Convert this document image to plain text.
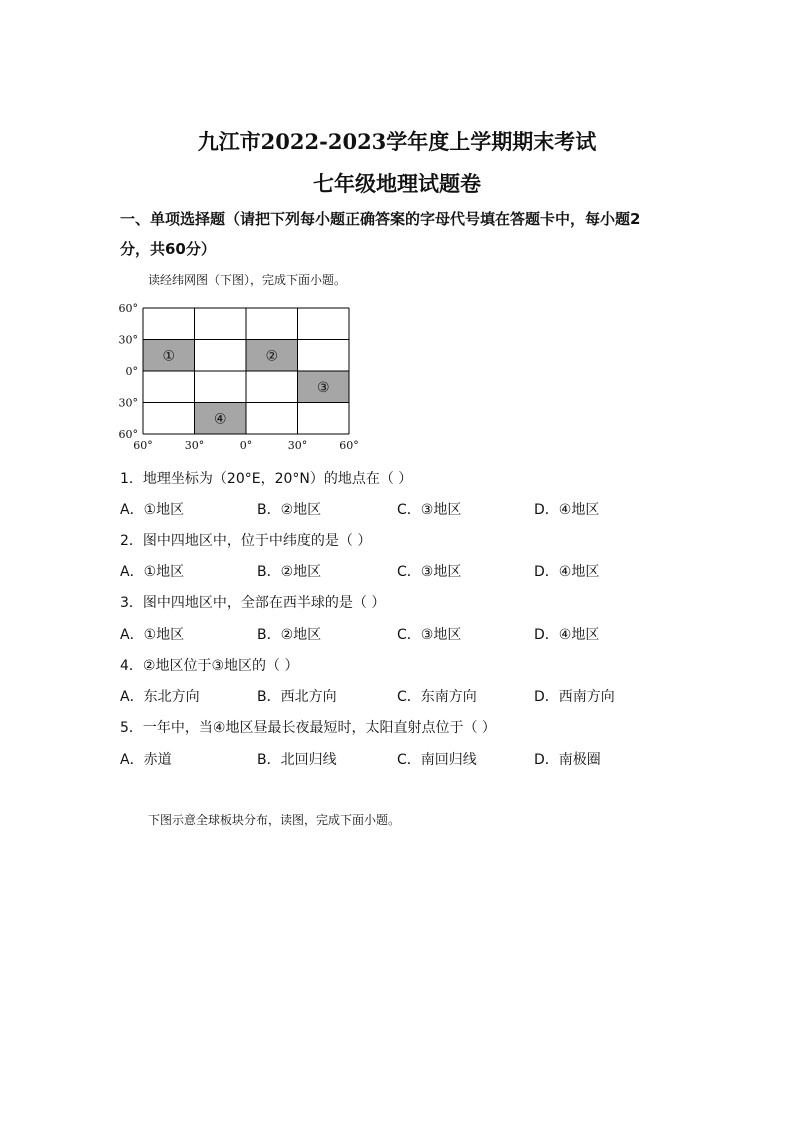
九江市2022-2023学年度上学期期末考试
七年级地理试题卷
一、单项选择题（请把下列每小题正确答案的字母代号填在答题卡中，每小题2
分，共60分）
读经纬网图（下图），完成下面小题。
①	②
③
④
60°
30°
0°
30°
60°
60°	30°	0°	30°	60°
1．地理坐标为（20°E，20°N）的地点在（ ）
A．①地区	B．②地区	C．③地区	D．④地区
2．图中四地区中，位于中纬度的是（ ）
A．①地区	B．②地区	C．③地区	D．④地区
3．图中四地区中，全部在西半球的是（ ）
A．①地区	B．②地区	C．③地区	D．④地区
4．②地区位于③地区的（ ）
A．东北方向	B．西北方向	C．东南方向	D．西南方向
5．一年中，当④地区昼最长夜最短时，太阳直射点位于（ ）
A．赤道	B．北回归线	C．南回归线	D．南极圈
下图示意全球板块分布，读图，完成下面小题。
